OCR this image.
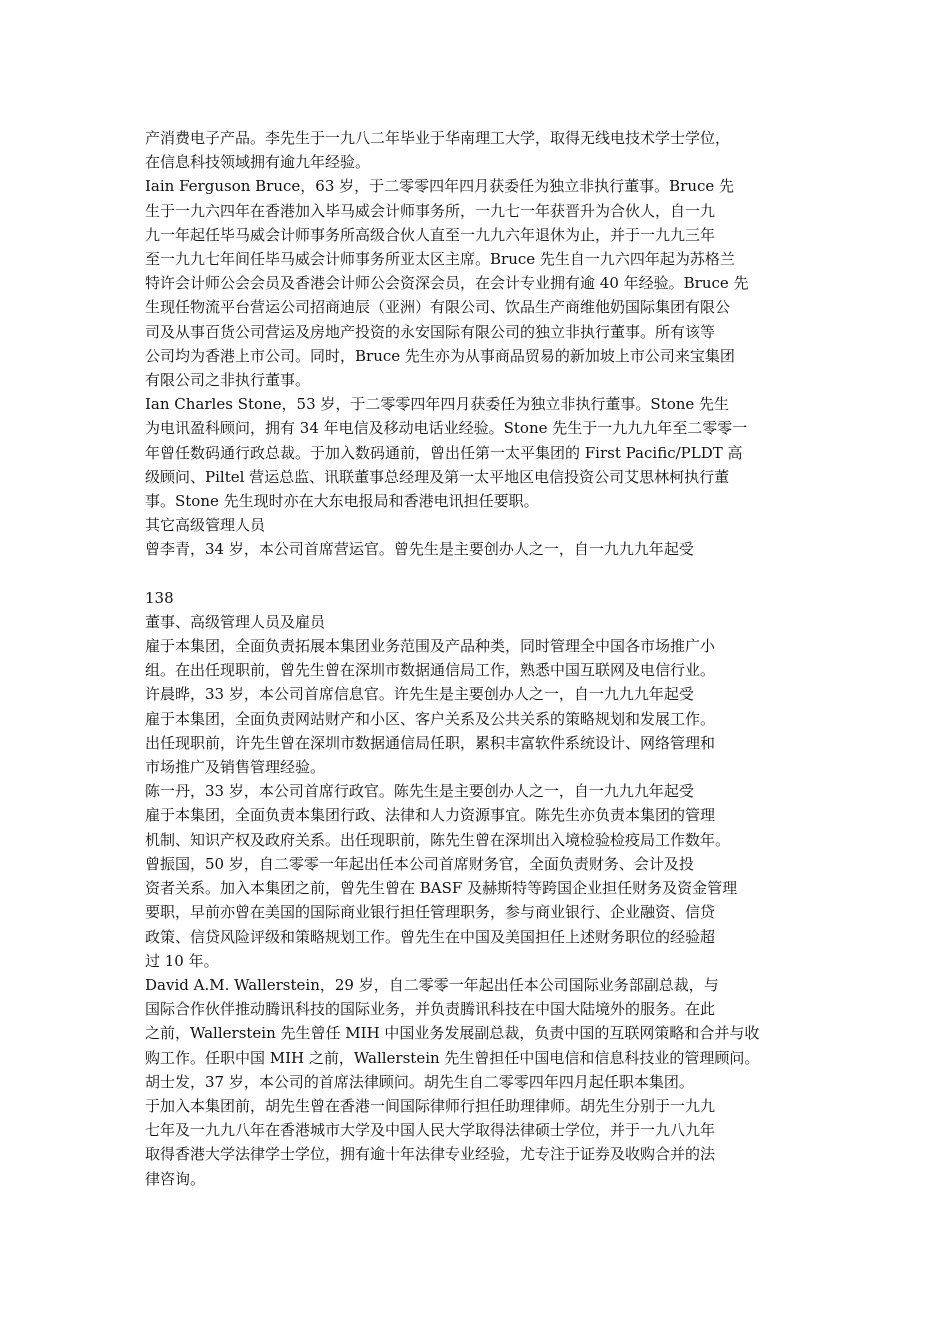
产消费电子产品。李先生于一九八二年毕业于华南理工大学，取得无线电技术学士学位，
在信息科技领域拥有逾九年经验。
Iain Ferguson Bruce，63 岁，于二零零四年四月获委任为独立非执行董事。Bruce 先
生于一九六四年在香港加入毕马威会计师事务所，一九七一年获晋升为合伙人，自一九
九一年起任毕马威会计师事务所高级合伙人直至一九九六年退休为止，并于一九九三年
至一九九七年间任毕马威会计师事务所亚太区主席。Bruce 先生自一九六四年起为苏格兰
特许会计师公会会员及香港会计师公会资深会员，在会计专业拥有逾 40 年经验。Bruce 先
生现任物流平台营运公司招商迪辰（亚洲）有限公司、饮品生产商维他奶国际集团有限公
司及从事百货公司营运及房地产投资的永安国际有限公司的独立非执行董事。所有该等
公司均为香港上市公司。同时，Bruce 先生亦为从事商品贸易的新加坡上市公司来宝集团
有限公司之非执行董事。
Ian Charles Stone，53 岁，于二零零四年四月获委任为独立非执行董事。Stone 先生
为电讯盈科顾问，拥有 34 年电信及移动电话业经验。Stone 先生于一九九九年至二零零一
年曾任数码通行政总裁。于加入数码通前，曾出任第一太平集团的 First Pacific/PLDT 高
级顾问、Piltel 营运总监、讯联董事总经理及第一太平地区电信投资公司艾思林柯执行董
事。Stone 先生现时亦在大东电报局和香港电讯担任要职。
其它高级管理人员
曾李青，34 岁，本公司首席营运官。曾先生是主要创办人之一，自一九九九年起受
138
董事、高级管理人员及雇员
雇于本集团，全面负责拓展本集团业务范围及产品种类，同时管理全中国各市场推广小
组。在出任现职前，曾先生曾在深圳市数据通信局工作，熟悉中国互联网及电信行业。
许晨晔，33 岁，本公司首席信息官。许先生是主要创办人之一，自一九九九年起受
雇于本集团，全面负责网站财产和小区、客户关系及公共关系的策略规划和发展工作。
出任现职前，许先生曾在深圳市数据通信局任职，累积丰富软件系统设计、网络管理和
市场推广及销售管理经验。
陈一丹，33 岁，本公司首席行政官。陈先生是主要创办人之一，自一九九九年起受
雇于本集团，全面负责本集团行政、法律和人力资源事宜。陈先生亦负责本集团的管理
机制、知识产权及政府关系。出任现职前，陈先生曾在深圳出入境检验检疫局工作数年。
曾振国，50 岁，自二零零一年起出任本公司首席财务官，全面负责财务、会计及投
资者关系。加入本集团之前，曾先生曾在 BASF 及赫斯特等跨国企业担任财务及资金管理
要职，早前亦曾在美国的国际商业银行担任管理职务，参与商业银行、企业融资、信贷
政策、信贷风险评级和策略规划工作。曾先生在中国及美国担任上述财务职位的经验超
过 10 年。
David A.M. Wallerstein，29 岁，自二零零一年起出任本公司国际业务部副总裁，与
国际合作伙伴推动腾讯科技的国际业务，并负责腾讯科技在中国大陆境外的服务。在此
之前，Wallerstein 先生曾任 MIH 中国业务发展副总裁，负责中国的互联网策略和合并与收
购工作。任职中国 MIH 之前，Wallerstein 先生曾担任中国电信和信息科技业的管理顾问。
胡士发，37 岁，本公司的首席法律顾问。胡先生自二零零四年四月起任职本集团。
于加入本集团前，胡先生曾在香港一间国际律师行担任助理律师。胡先生分别于一九九
七年及一九九八年在香港城市大学及中国人民大学取得法律硕士学位，并于一九八九年
取得香港大学法律学士学位，拥有逾十年法律专业经验，尤专注于证券及收购合并的法
律咨询。
